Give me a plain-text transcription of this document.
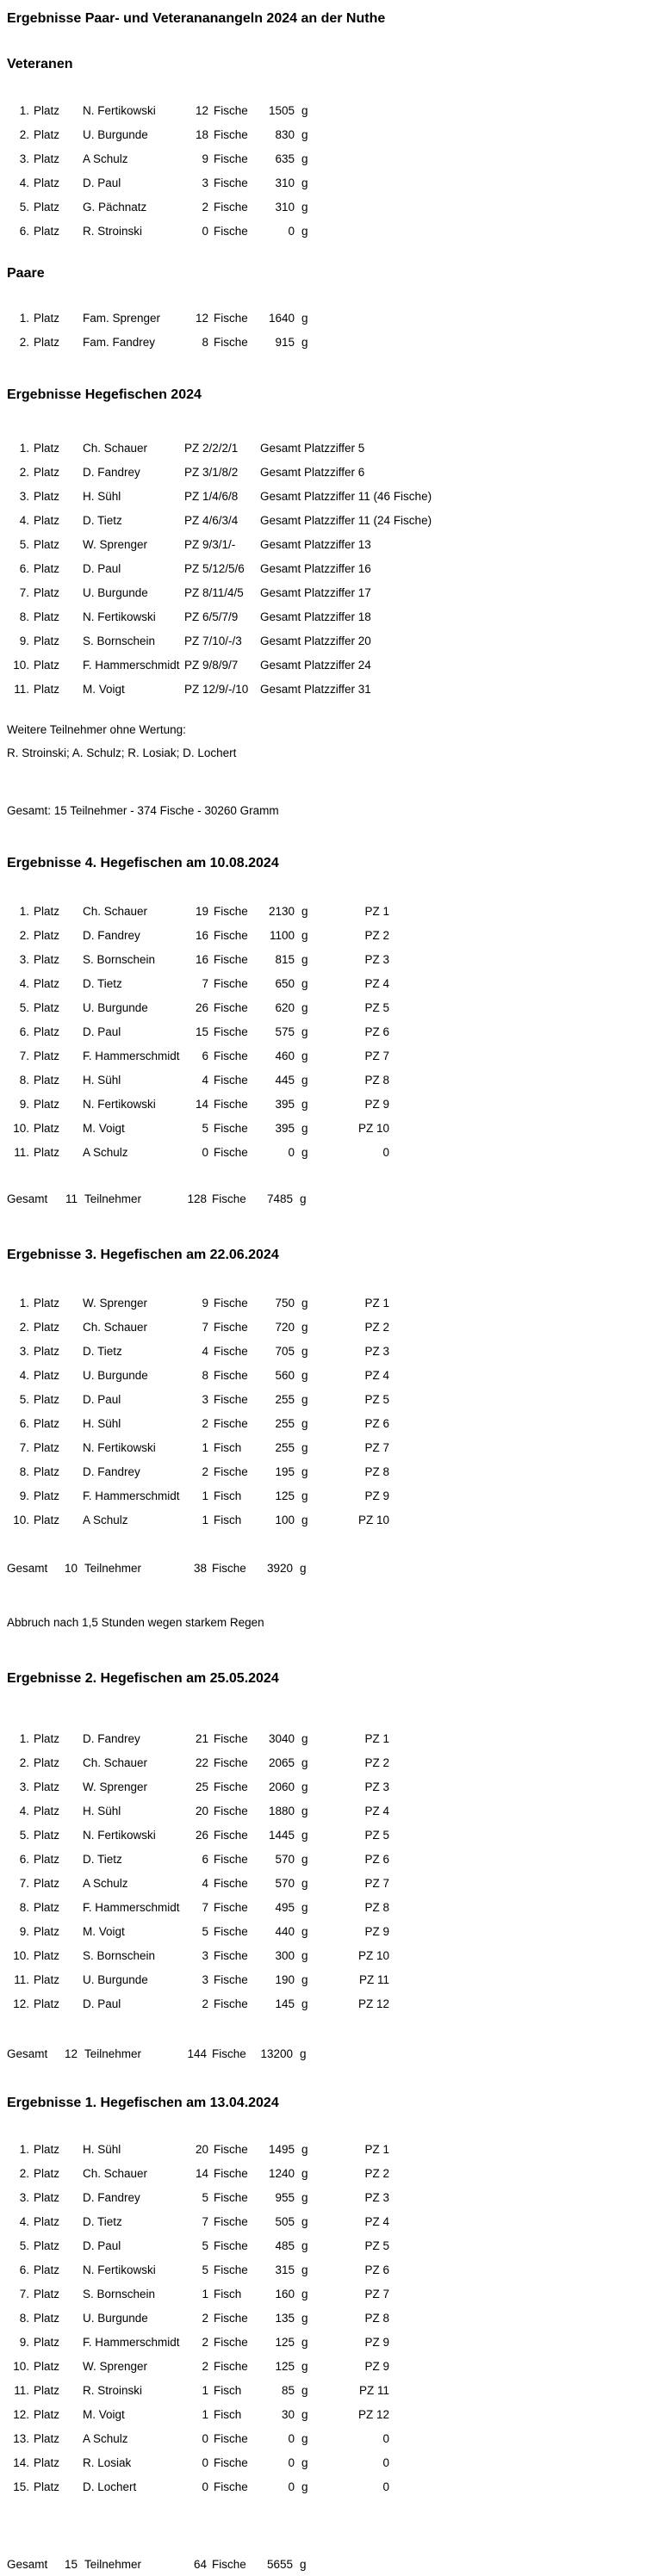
Ergebnisse Paar- und Veterananangeln 2024 an der Nuthe
Veteranen
1. Platz	N. Fertikowski	12 Fische	1505 g
2. Platz	U. Burgunde	18 Fische	830 g
3. Platz	A Schulz	9 Fische	635 g
4. Platz	D. Paul	3 Fische	310 g
5. Platz	G. Pächnatz	2 Fische	310 g
6. Platz	R. Stroinski	0 Fische	0 g
Paare
1. Platz	Fam. Sprenger	12 Fische	1640 g
2. Platz	Fam. Fandrey	8 Fische	915 g
Ergebnisse Hegefischen 2024
1. Platz	Ch. Schauer	PZ 2/2/2/1	Gesamt Platzziffer 5
2. Platz	D. Fandrey	PZ 3/1/8/2	Gesamt Platzziffer 6
3. Platz	H. Sühl	PZ 1/4/6/8	Gesamt Platzziffer 11 (46 Fische)
4. Platz	D. Tietz	PZ 4/6/3/4	Gesamt Platzziffer 11 (24 Fische)
5. Platz	W. Sprenger	PZ 9/3/1/-	Gesamt Platzziffer 13
6. Platz	D. Paul	PZ 5/12/5/6	Gesamt Platzziffer 16
7. Platz	U. Burgunde	PZ 8/11/4/5	Gesamt Platzziffer 17
8. Platz	N. Fertikowski	PZ 6/5/7/9	Gesamt Platzziffer 18
9. Platz	S. Bornschein	PZ 7/10/-/3	Gesamt Platzziffer 20
10. Platz	F. Hammerschmidt PZ 9/8/9/7	Gesamt Platzziffer 24
11. Platz	M. Voigt	PZ 12/9/-/10	Gesamt Platzziffer 31
Weitere Teilnehmer ohne Wertung:
R. Stroinski; A. Schulz; R. Losiak; D. Lochert
Gesamt: 15 Teilnehmer - 374 Fische - 30260 Gramm
Ergebnisse 4. Hegefischen am 10.08.2024
1. Platz	Ch. Schauer	19 Fische	2130 g	PZ 1
2. Platz	D. Fandrey	16 Fische	1100 g	PZ 2
3. Platz	S. Bornschein	16 Fische	815 g	PZ 3
4. Platz	D. Tietz	7 Fische	650 g	PZ 4
5. Platz	U. Burgunde	26 Fische	620 g	PZ 5
6. Platz	D. Paul	15 Fische	575 g	PZ 6
7. Platz	F. Hammerschmidt	6 Fische	460 g	PZ 7
8. Platz	H. Sühl	4 Fische	445 g	PZ 8
9. Platz	N. Fertikowski	14 Fische	395 g	PZ 9
10. Platz	M. Voigt	5 Fische	395 g	PZ 10
11. Platz	A Schulz	0 Fische	0 g	0
Gesamt	11 Teilnehmer	128 Fische	7485 g
Ergebnisse 3. Hegefischen am 22.06.2024
1. Platz	W. Sprenger	9 Fische	750 g	PZ 1
2. Platz	Ch. Schauer	7 Fische	720 g	PZ 2
3. Platz	D. Tietz	4 Fische	705 g	PZ 3
4. Platz	U. Burgunde	8 Fische	560 g	PZ 4
5. Platz	D. Paul	3 Fische	255 g	PZ 5
6. Platz	H. Sühl	2 Fische	255 g	PZ 6
7. Platz	N. Fertikowski	1 Fisch	255 g	PZ 7
8. Platz	D. Fandrey	2 Fische	195 g	PZ 8
9. Platz	F. Hammerschmidt	1 Fisch	125 g	PZ 9
10. Platz	A Schulz	1 Fisch	100 g	PZ 10
Gesamt	10 Teilnehmer	38 Fische	3920 g
Abbruch nach 1,5 Stunden wegen starkem Regen
Ergebnisse 2. Hegefischen am 25.05.2024
1. Platz	D. Fandrey	21 Fische	3040 g	PZ 1
2. Platz	Ch. Schauer	22 Fische	2065 g	PZ 2
3. Platz	W. Sprenger	25 Fische	2060 g	PZ 3
4. Platz	H. Sühl	20 Fische	1880 g	PZ 4
5. Platz	N. Fertikowski	26 Fische	1445 g	PZ 5
6. Platz	D. Tietz	6 Fische	570 g	PZ 6
7. Platz	A Schulz	4 Fische	570 g	PZ 7
8. Platz	F. Hammerschmidt	7 Fische	495 g	PZ 8
9. Platz	M. Voigt	5 Fische	440 g	PZ 9
10. Platz	S. Bornschein	3 Fische	300 g	PZ 10
11. Platz	U. Burgunde	3 Fische	190 g	PZ 11
12. Platz	D. Paul	2 Fische	145 g	PZ 12
Gesamt	12 Teilnehmer	144 Fische	13200 g
Ergebnisse 1. Hegefischen am 13.04.2024
1. Platz	H. Sühl	20 Fische	1495 g	PZ 1
2. Platz	Ch. Schauer	14 Fische	1240 g	PZ 2
3. Platz	D. Fandrey	5 Fische	955 g	PZ 3
4. Platz	D. Tietz	7 Fische	505 g	PZ 4
5. Platz	D. Paul	5 Fische	485 g	PZ 5
6. Platz	N. Fertikowski	5 Fische	315 g	PZ 6
7. Platz	S. Bornschein	1 Fisch	160 g	PZ 7
8. Platz	U. Burgunde	2 Fische	135 g	PZ 8
9. Platz	F. Hammerschmidt	2 Fische	125 g	PZ 9
10. Platz	W. Sprenger	2 Fische	125 g	PZ 9
11. Platz	R. Stroinski	1 Fisch	85 g	PZ 11
12. Platz	M. Voigt	1 Fisch	30 g	PZ 12
13. Platz	A Schulz	0 Fische	0 g	0
14. Platz	R. Losiak	0 Fische	0 g	0
15. Platz	D. Lochert	0 Fische	0 g	0
Gesamt	15 Teilnehmer	64 Fische	5655 g
